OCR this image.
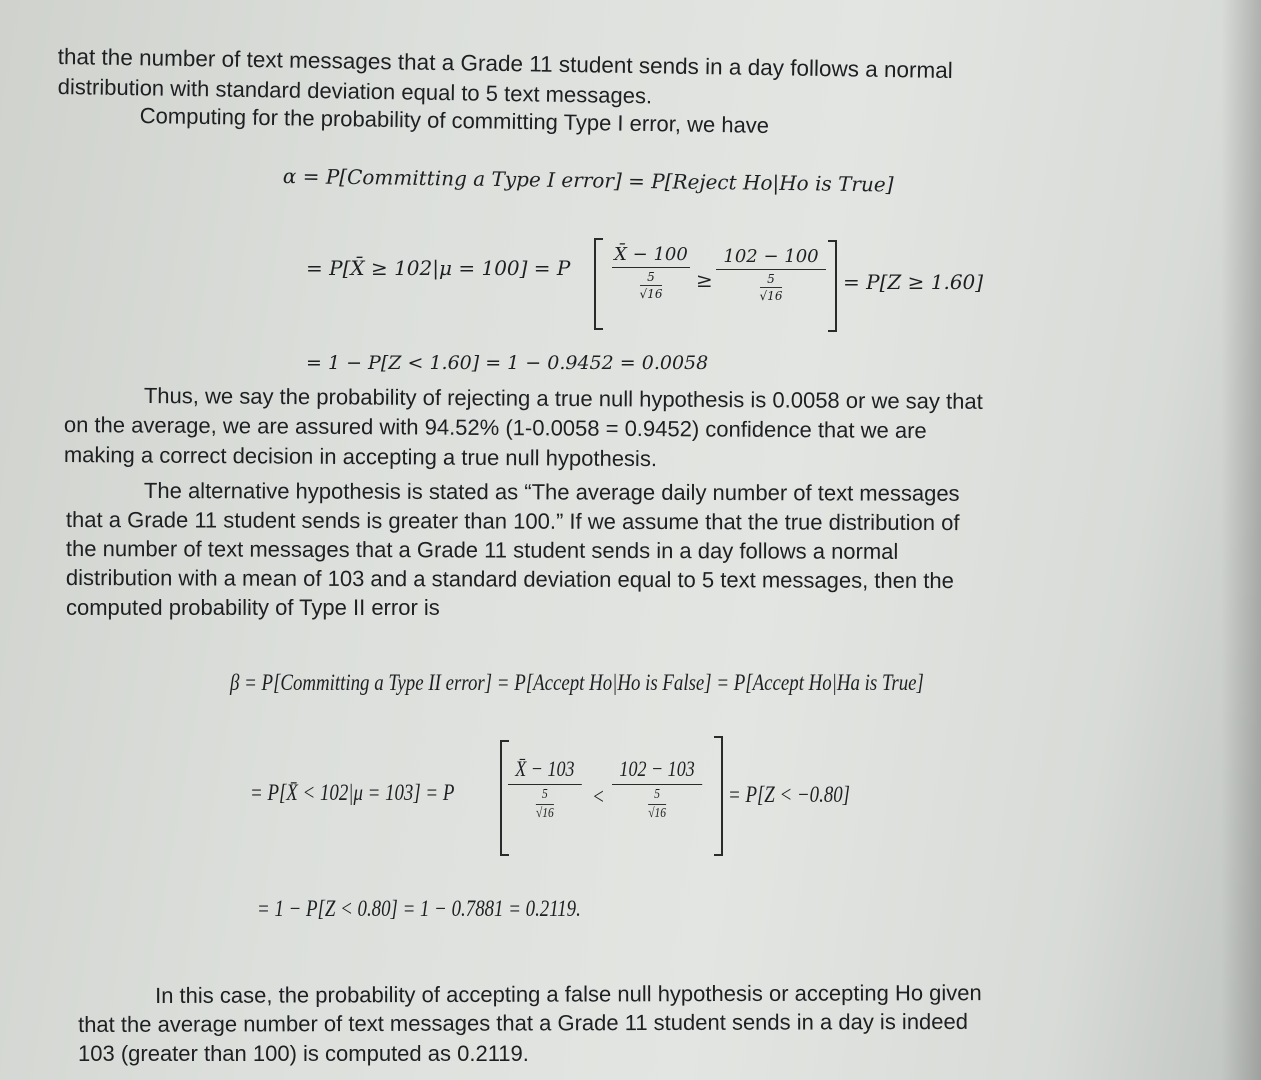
that the number of text messages that a Grade 11 student sends in a day follows a normal

distribution with standard deviation equal to 5 text messages.

Computing for the probability of committing Type I error, we have

α = P[Committing a Type I error] = P[Reject Ho|Ho is True]
= P[X̄ ≥ 102|μ = 100] = P
X̄ − 100
$\frac{5}{√16}$	≥
102 − 100
$\frac{5}{√16}$	= P[Z ≥ 1.60]
= 1 − P[Z < 1.60] = 1 − 0.9452 = 0.0058

Thus, we say the probability of rejecting a true null hypothesis is 0.0058 or we say that

on the average, we are assured with 94.52% (1-0.0058 = 0.9452) confidence that we are

making a correct decision in accepting a true null hypothesis.

The alternative hypothesis is stated as “The average daily number of text messages

that a Grade 11 student sends is greater than 100.” If we assume that the true distribution of

the number of text messages that a Grade 11 student sends in a day follows a normal

distribution with a mean of 103 and a standard deviation equal to 5 text messages, then the

computed probability of Type II error is

β = P[Committing a Type II error] = P[Accept Ho|Ho is False] = P[Accept Ho|Ha is True]
= P[X̄ < 102|μ = 103] = P
X̄ − 103
$\frac{5}{√16}$	<
102 − 103
$\frac{5}{√16}$	= P[Z < −0.80]
= 1 − P[Z < 0.80] = 1 − 0.7881 = 0.2119.

In this case, the probability of accepting a false null hypothesis or accepting Ho given

that the average number of text messages that a Grade 11 student sends in a day is indeed

103 (greater than 100) is computed as 0.2119.
